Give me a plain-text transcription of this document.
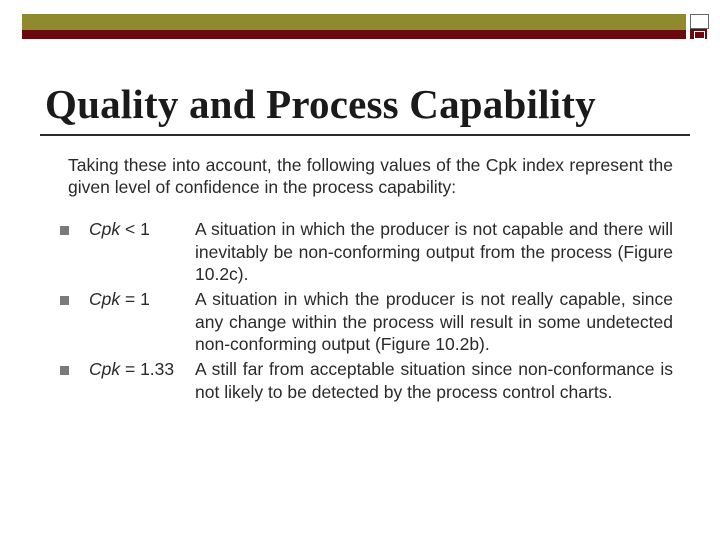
Quality and Process Capability
Taking these into account, the following values of the Cpk index represent the given level of confidence in the process capability:
Cpk < 1	A situation in which the producer is not capable and there will inevitably be non-conforming output from the process (Figure 10.2c).
Cpk = 1	A situation in which the producer is not really capable, since any change within the process will result in some undetected non-conforming output (Figure 10.2b).
Cpk = 1.33 A still far from acceptable situation since non-conformance is not likely to be detected by the process control charts.
